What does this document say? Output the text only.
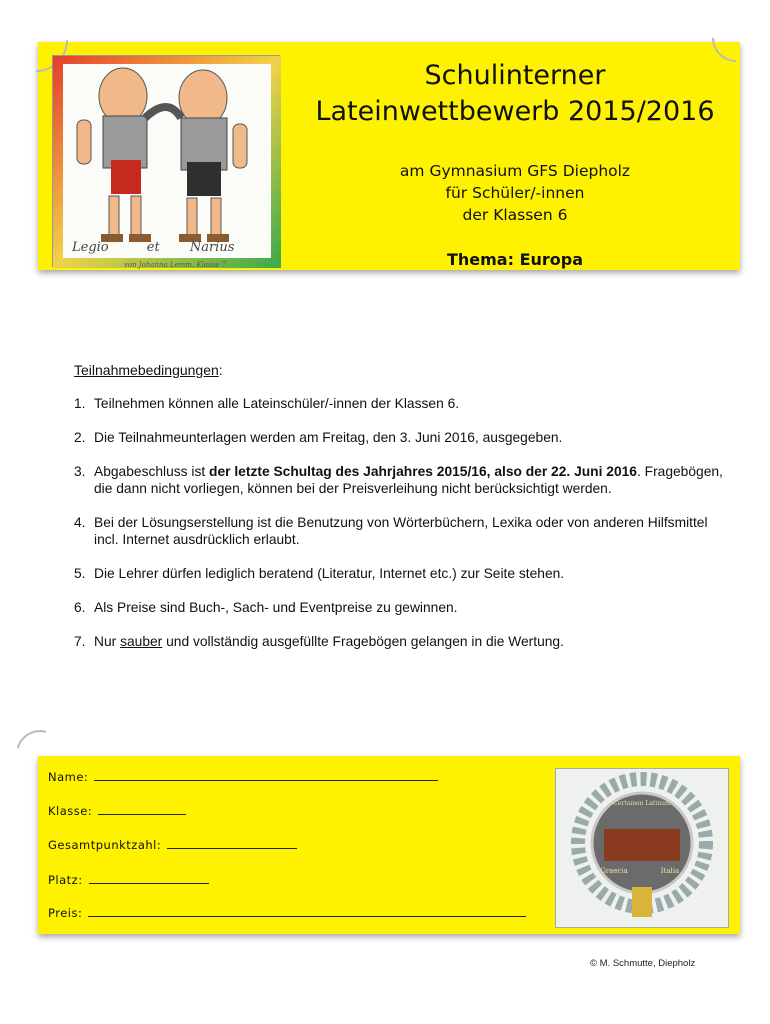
Legio	et Narius
von Johanna Lemm, Klasse 7
Schulinterner
Lateinwettbewerb 2015/2016
am Gymnasium GFS Diepholz
für Schüler/-innen
der Klassen 6
Thema: Europa
Teilnahmebedingungen:
1. Teilnehmen können alle Lateinschüler/-innen der Klassen 6.
2. Die Teilnahmeunterlagen werden am Freitag, den 3. Juni 2016, ausgegeben.
3. Abgabeschluss ist der letzte Schultag des Jahrjahres 2015/16, also der 22. Juni 2016. Fragebögen, die dann nicht vorliegen, können bei der Preisverleihung nicht berücksichtigt werden.
4. Bei der Lösungserstellung ist die Benutzung von Wörterbüchern, Lexika oder von anderen Hilfsmittel incl. Internet ausdrücklich erlaubt.
5. Die Lehrer dürfen lediglich beratend (Literatur, Internet etc.) zur Seite stehen.
6. Als Preise sind Buch-, Sach- und Eventpreise zu gewinnen.
7. Nur sauber und vollständig ausgefüllte Fragebögen gelangen in die Wertung.
Name:
Klasse:
Gesamtpunktzahl:
Platz:
Preis:
Certamen Latinum
Graecia	Italia
© M. Schmutte, Diepholz
